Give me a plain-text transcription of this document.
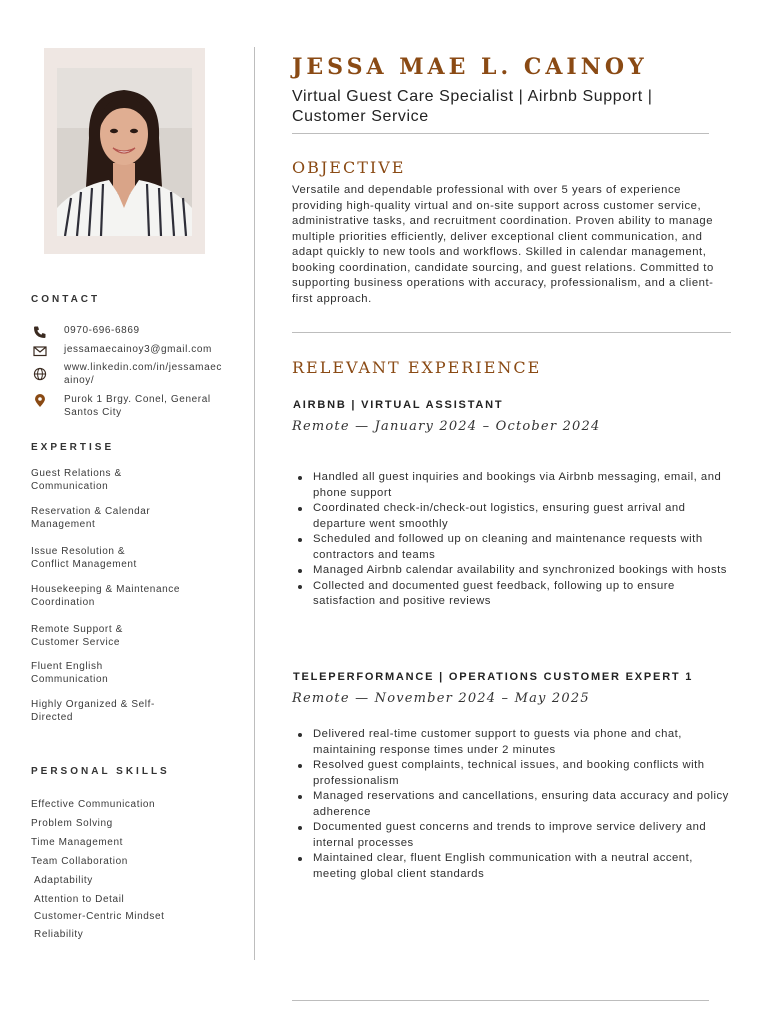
CONTACT
0970-696-6869
jessamaecainoy3@gmail.com
www.linkedin.com/in/jessamaecainoy/
Purok 1 Brgy. Conel, General Santos City
EXPERTISE
Guest Relations & Communication
Reservation & Calendar Management
Issue Resolution & Conflict Management
Housekeeping & Maintenance Coordination
Remote Support & Customer Service
Fluent English Communication
Highly Organized & Self-Directed
PERSONAL SKILLS
Effective Communication
Problem Solving
Time Management
Team Collaboration
Adaptability
Attention to Detail
Customer-Centric Mindset
Reliability
JESSA MAE L. CAINOY
Virtual Guest Care Specialist | Airbnb Support | Customer Service
OBJECTIVE
Versatile and dependable professional with over 5 years of experience providing high-quality virtual and on-site support across customer service, administrative tasks, and recruitment coordination. Proven ability to manage multiple priorities efficiently, deliver exceptional client communication, and adapt quickly to new tools and workflows. Skilled in calendar management, booking coordination, candidate sourcing, and guest relations. Committed to supporting business operations with accuracy, professionalism, and a client-first approach.
RELEVANT EXPERIENCE
AIRBNB | VIRTUAL ASSISTANT
Remote — January 2024 – October 2024
Handled all guest inquiries and bookings via Airbnb messaging, email, and phone support
Coordinated check-in/check-out logistics, ensuring guest arrival and departure went smoothly
Scheduled and followed up on cleaning and maintenance requests with contractors and teams
Managed Airbnb calendar availability and synchronized bookings with hosts
Collected and documented guest feedback, following up to ensure satisfaction and positive reviews
TELEPERFORMANCE | OPERATIONS CUSTOMER EXPERT 1
Remote — November 2024 – May 2025
Delivered real-time customer support to guests via phone and chat, maintaining response times under 2 minutes
Resolved guest complaints, technical issues, and booking conflicts with professionalism
Managed reservations and cancellations, ensuring data accuracy and policy adherence
Documented guest concerns and trends to improve service delivery and internal processes
Maintained clear, fluent English communication with a neutral accent, meeting global client standards
